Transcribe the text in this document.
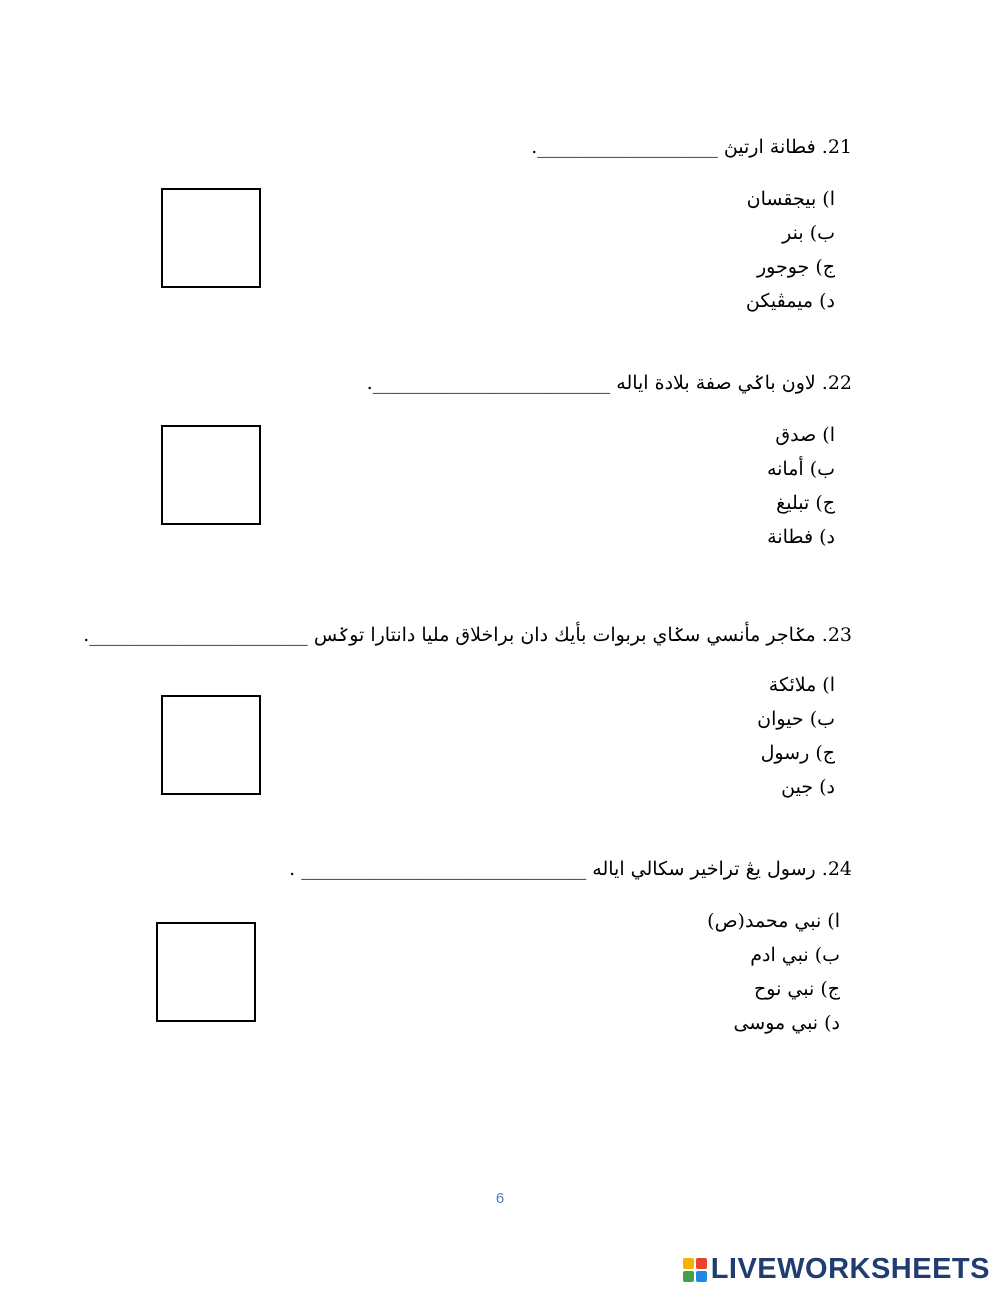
21. فطانة ارتيڽ ___________________.
ا) بيجقسان
ب) بنر
ج) جوجور
د) ميمڤيكن
22. لاون باݢي صفة بلادة اياله _________________________.
ا) صدق
ب) أمانه
ج) تبليغ
د) فطانة
23. مݢاجر مأنسي سݢاي بربوات بأيك دان براخلاق مليا دانتارا توݢس _______________________.
ا) ملائكة
ب) حيوان
ج) رسول
د) جين
24. رسول يڠ تراخير سكالي اياله ______________________________ .
ا) نبي محمد(ص)
ب) نبي ادم
ج) نبي نوح
د) نبي موسى
6
LIVEWORKSHEETS
